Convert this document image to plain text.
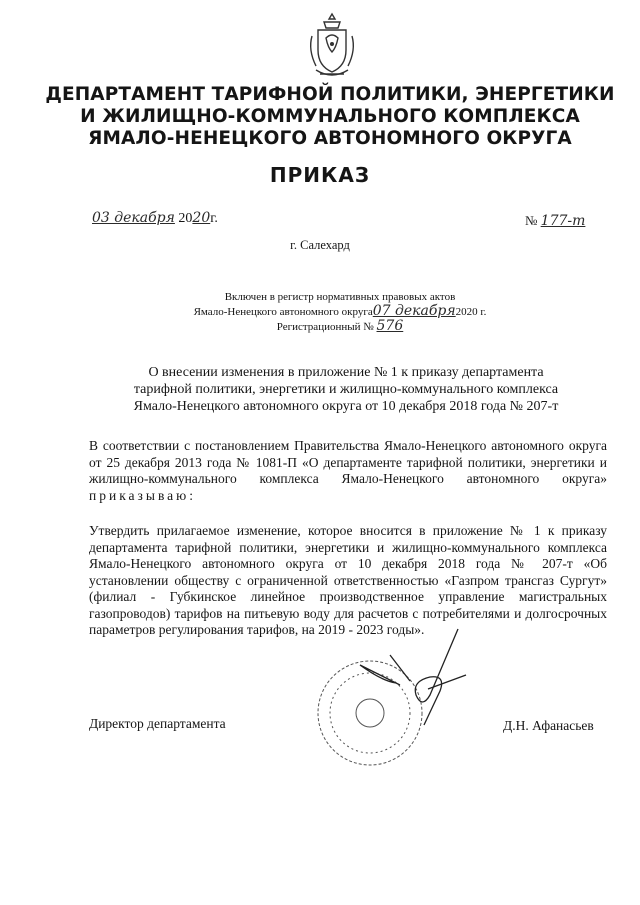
ДЕПАРТАМЕНТ ТАРИФНОЙ ПОЛИТИКИ, ЭНЕРГЕТИКИ
И ЖИЛИЩНО-КОММУНАЛЬНОГО КОМПЛЕКСА
ЯМАЛО-НЕНЕЦКОГО АВТОНОМНОГО ОКРУГА
ПРИКАЗ
03 декабря 2020г.	№ 177-т
г. Салехард
Включен в регистр нормативных правовых актов
Ямало-Ненецкого автономного округа07 декабря2020 г.
Регистрационный № 576
О внесении изменения в приложение № 1 к приказу департамента
тарифной политики, энергетики и жилищно-коммунального комплекса
Ямало-Ненецкого автономного округа от 10 декабря 2018 года № 207-т
В соответствии с постановлением Правительства Ямало-Ненецкого автономного округа от 25 декабря 2013 года № 1081-П «О департаменте тарифной политики, энергетики и жилищно-коммунального комплекса Ямало-Ненецкого автономного округа» приказываю:
Утвердить прилагаемое изменение, которое вносится в приложение № 1 к приказу департамента тарифной политики, энергетики и жилищно-коммунального комплекса Ямало-Ненецкого автономного округа от 10 декабря 2018 года № 207-т «Об установлении обществу с ограниченной ответственностью «Газпром трансгаз Сургут» (филиал - Губкинское линейное производственное управление магистральных газопроводов) тарифов на питьевую воду для расчетов с потребителями и долгосрочных параметров регулирования тарифов, на 2019 - 2023 годы».
Директор департамента	Д.Н. Афанасьев
